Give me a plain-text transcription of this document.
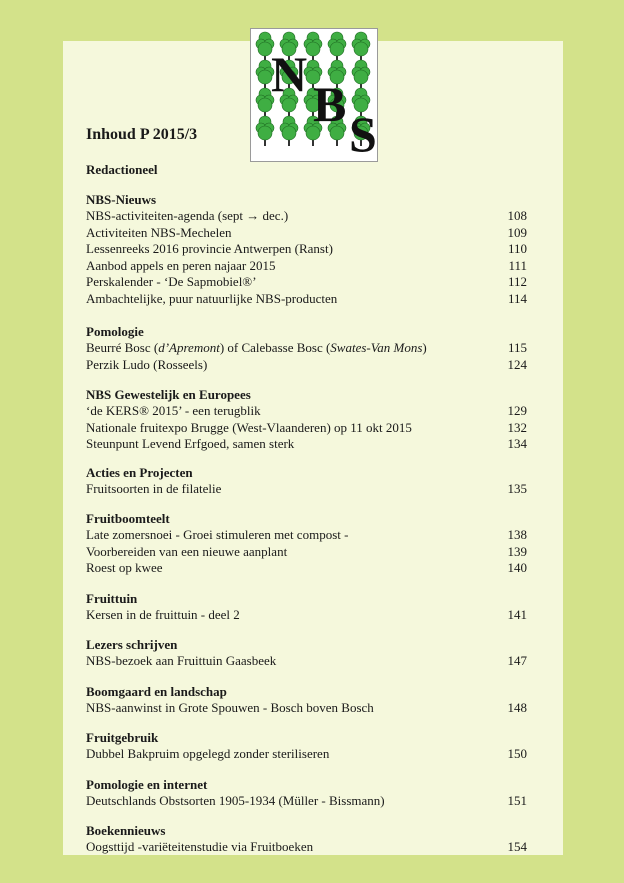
N
B
S
Inhoud P 2015/3
Redactioneel
NBS-Nieuws
NBS-activiteiten-agenda (sept → dec.)	108
Activiteiten NBS-Mechelen	109
Lessenreeks 2016 provincie Antwerpen (Ranst)	110
Aanbod appels en peren najaar 2015	111
Perskalender - ‘De Sapmobiel®’	112
Ambachtelijke, puur natuurlijke NBS-producten	114
Pomologie
Beurré Bosc (d’Apremont) of Calebasse Bosc (Swates-Van Mons)	115
Perzik Ludo (Rosseels)	124
NBS Gewestelijk en Europees
‘de KERS® 2015’ - een terugblik	129
Nationale fruitexpo Brugge (West-Vlaanderen) op 11 okt 2015	132
Steunpunt Levend Erfgoed, samen sterk	134
Acties en Projecten
Fruitsoorten in de filatelie	135
Fruitboomteelt
Late zomersnoei - Groei stimuleren met compost -	138
Voorbereiden van een nieuwe aanplant	139
Roest op kwee	140
Fruittuin
Kersen in de fruittuin - deel 2	141
Lezers schrijven
NBS-bezoek aan Fruittuin Gaasbeek	147
Boomgaard en landschap
NBS-aanwinst in Grote Spouwen - Bosch boven Bosch	148
Fruitgebruik
Dubbel Bakpruim opgelegd zonder steriliseren	150
Pomologie en internet
Deutschlands Obstsorten 1905-1934 (Müller - Bissmann)	151
Boekennieuws
Oogsttijd -variëteitenstudie via Fruitboeken	154
